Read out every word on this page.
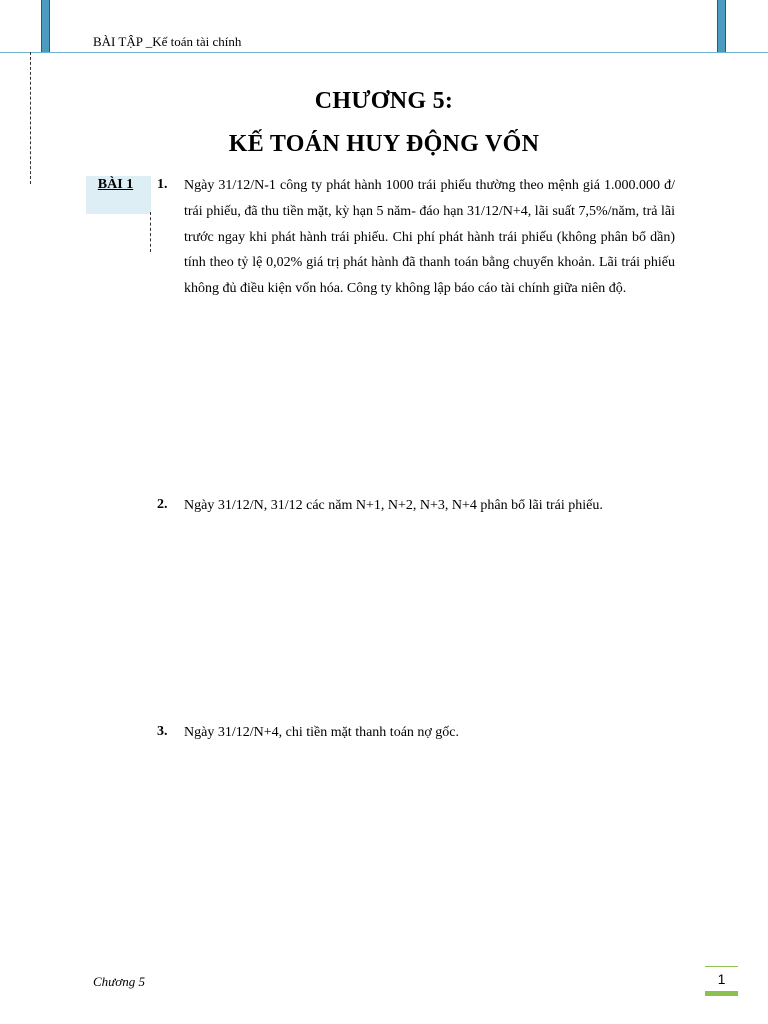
BÀI TẬP _Kế toán tài chính
CHƯƠNG 5:
KẾ TOÁN HUY ĐỘNG VỐN
BÀI 1	1. Ngày 31/12/N-1 công ty phát hành 1000 trái phiếu thường theo mệnh giá 1.000.000 đ/ trái phiếu, đã thu tiền mặt, kỳ hạn 5 năm- đáo hạn 31/12/N+4, lãi suất 7,5%/năm, trả lãi trước ngay khi phát hành trái phiếu. Chi phí phát hành trái phiếu (không phân bổ dần) tính theo tỷ lệ 0,02% giá trị phát hành đã thanh toán bằng chuyển khoản. Lãi trái phiếu không đủ điều kiện vốn hóa. Công ty không lập báo cáo tài chính giữa niên độ.
2. Ngày 31/12/N, 31/12 các năm N+1, N+2, N+3, N+4 phân bổ lãi trái phiếu.
3. Ngày 31/12/N+4, chi tiền mặt thanh toán nợ gốc.
Chương 5	1
